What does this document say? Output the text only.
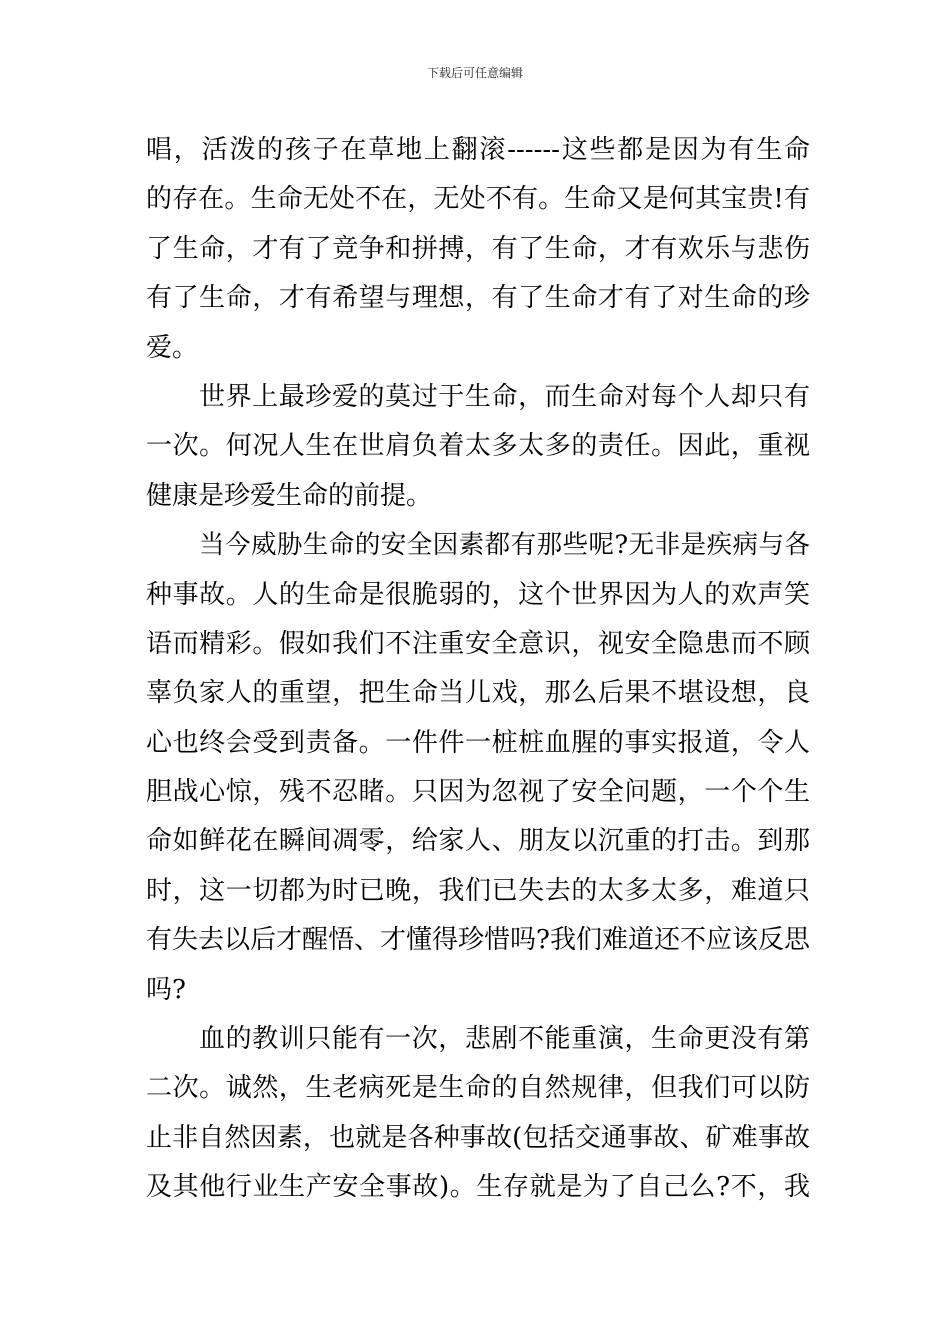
下载后可任意编辑
唱，活泼的孩子在草地上翻滚------这些都是因为有生命
的存在。生命无处不在，无处不有。生命又是何其宝贵!有
了生命，才有了竞争和拼搏，有了生命，才有欢乐与悲伤
有了生命，才有希望与理想，有了生命才有了对生命的珍
爱。
世界上最珍爱的莫过于生命，而生命对每个人却只有
一次。何况人生在世肩负着太多太多的责任。因此，重视
健康是珍爱生命的前提。
当今威胁生命的安全因素都有那些呢?无非是疾病与各
种事故。人的生命是很脆弱的，这个世界因为人的欢声笑
语而精彩。假如我们不注重安全意识，视安全隐患而不顾
辜负家人的重望，把生命当儿戏，那么后果不堪设想，良
心也终会受到责备。一件件一桩桩血腥的事实报道，令人
胆战心惊，残不忍睹。只因为忽视了安全问题，一个个生
命如鲜花在瞬间凋零，给家人、朋友以沉重的打击。到那
时，这一切都为时已晚，我们已失去的太多太多，难道只
有失去以后才醒悟、才懂得珍惜吗?我们难道还不应该反思
吗?
血的教训只能有一次，悲剧不能重演，生命更没有第
二次。诚然，生老病死是生命的自然规律，但我们可以防
止非自然因素，也就是各种事故(包括交通事故、矿难事故
及其他行业生产安全事故)。生存就是为了自己么?不，我
